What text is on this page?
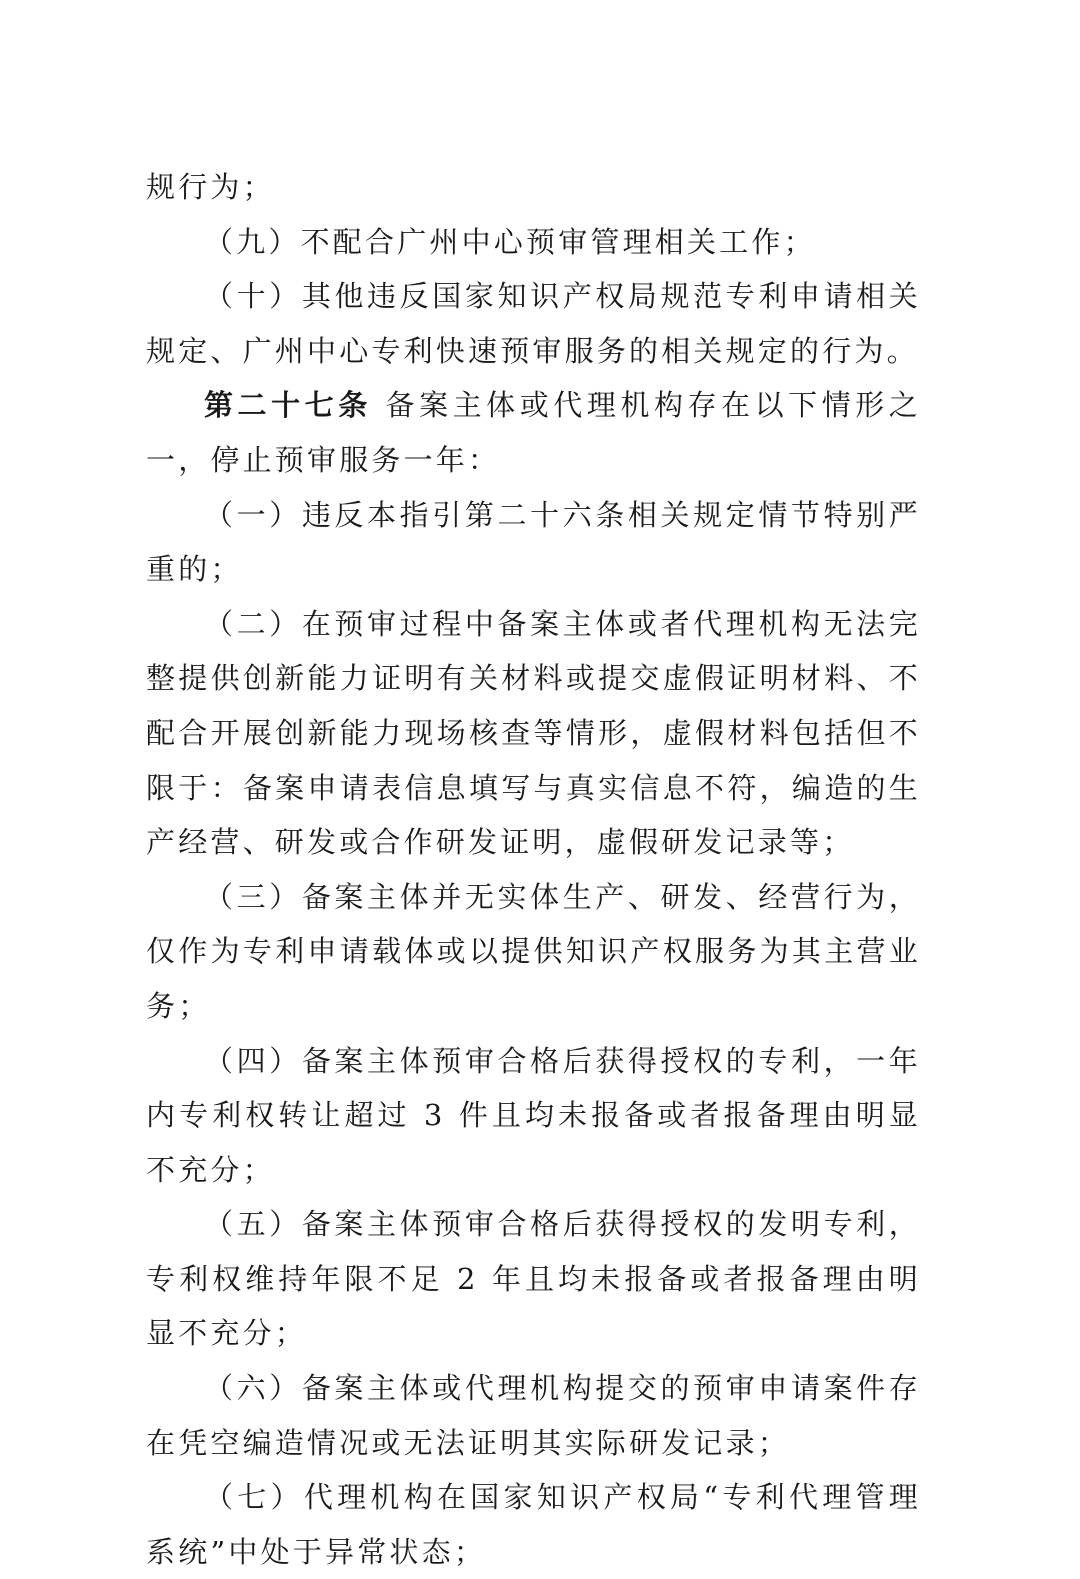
规行为；

（九）不配合广州中心预审管理相关工作；

（十）其他违反国家知识产权局规范专利申请相关规定、广州中心专利快速预审服务的相关规定的行为。

第二十七条 备案主体或代理机构存在以下情形之一，停止预审服务一年：

（一）违反本指引第二十六条相关规定情节特别严重的；

（二）在预审过程中备案主体或者代理机构无法完整提供创新能力证明有关材料或提交虚假证明材料、不配合开展创新能力现场核查等情形，虚假材料包括但不限于：备案申请表信息填写与真实信息不符，编造的生产经营、研发或合作研发证明，虚假研发记录等；

（三）备案主体并无实体生产、研发、经营行为，仅作为专利申请载体或以提供知识产权服务为其主营业务；

（四）备案主体预审合格后获得授权的专利，一年内专利权转让超过 3 件且均未报备或者报备理由明显不充分；

（五）备案主体预审合格后获得授权的发明专利，专利权维持年限不足 2 年且均未报备或者报备理由明显不充分；

（六）备案主体或代理机构提交的预审申请案件存在凭空编造情况或无法证明其实际研发记录；

（七）代理机构在国家知识产权局“专利代理管理系统”中处于异常状态；
